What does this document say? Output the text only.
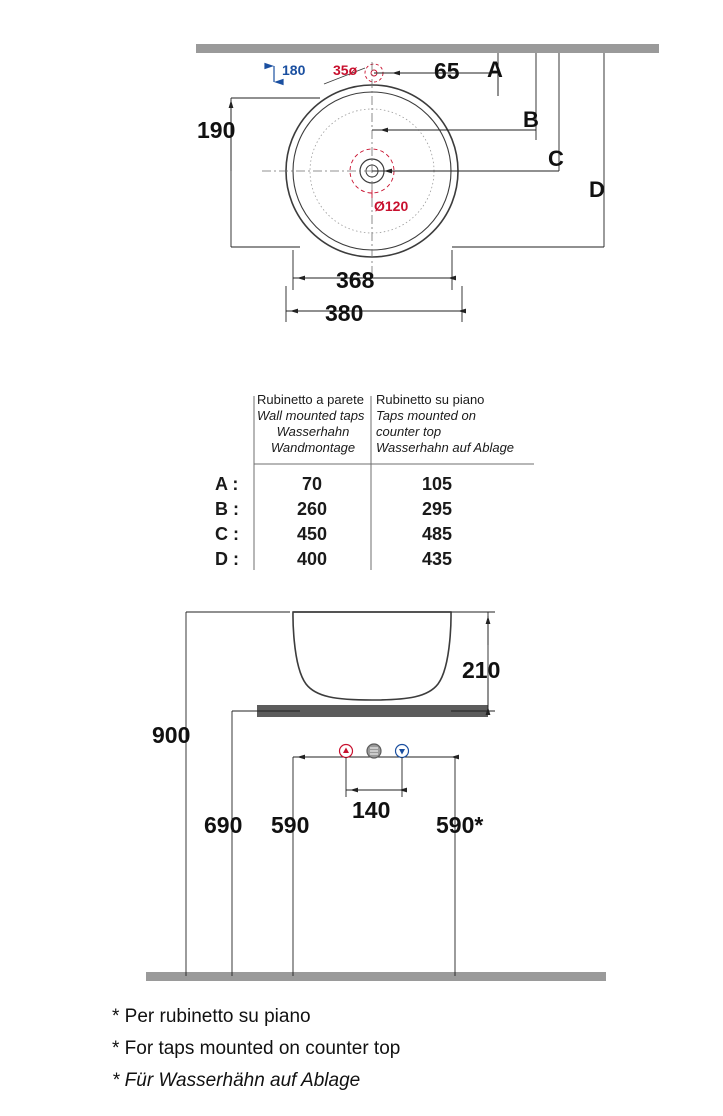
180 35ø	65
190
Ø120
368
380
A
B
C
D
Rubinetto a parete
Wall mounted taps
Wasserhahn
Wandmontage
Rubinetto su piano
Taps mounted on
counter top
Wasserhahn auf Ablage
A :	70	105
B :	260	295
C :	450	485
D :	400	435
210
900
690 590
140
590*
* Per rubinetto su piano
* For taps mounted on counter top
* Für Wasserhähn auf Ablage
